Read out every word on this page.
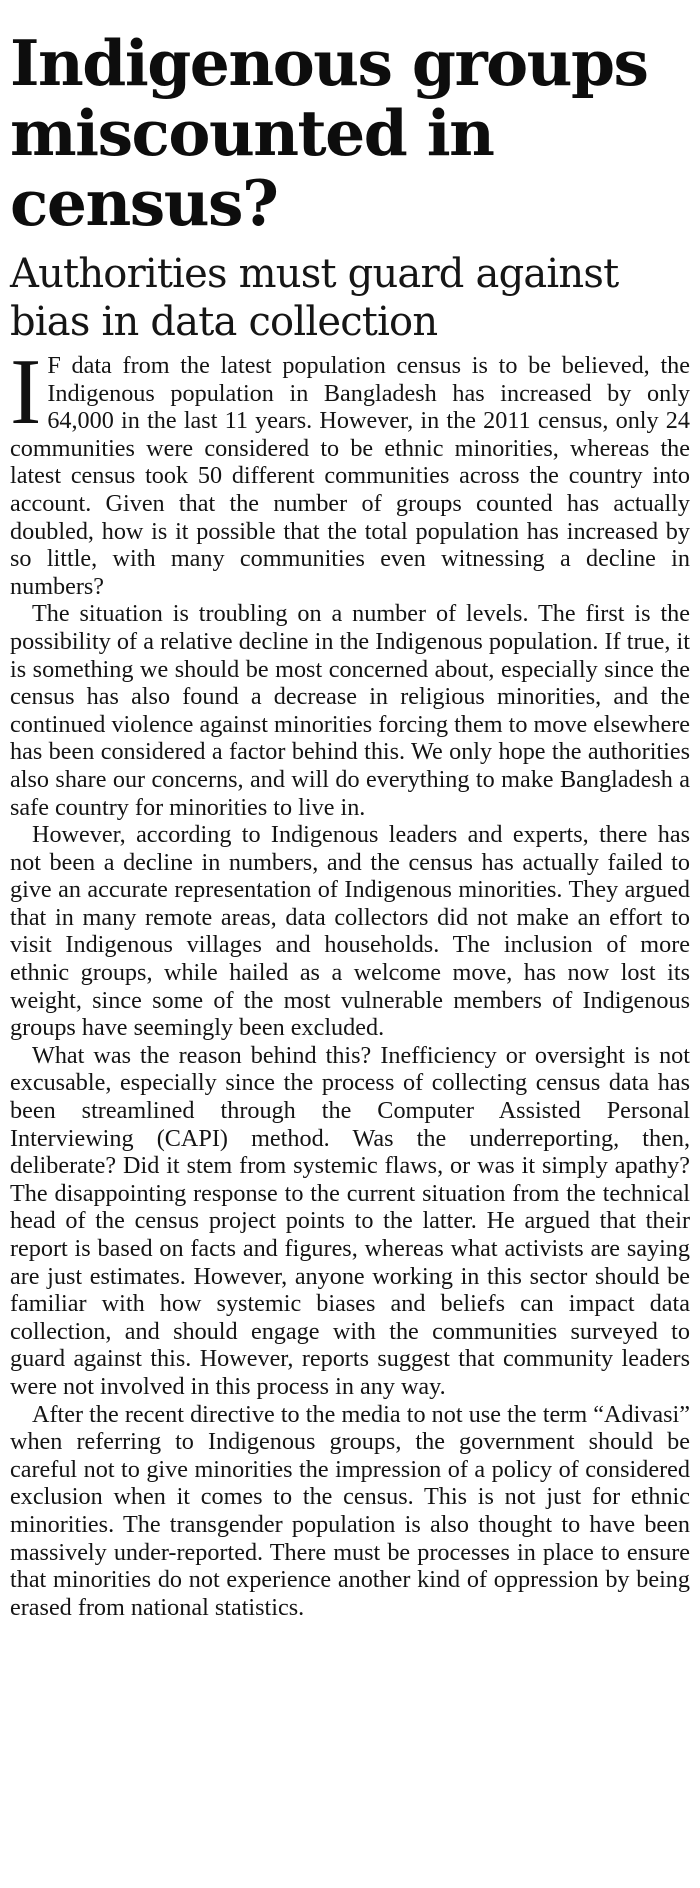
Indigenous groups miscounted in census?
Authorities must guard against bias in data collection

I F data from the latest population census is to be believed, the Indigenous population in Bangladesh has increased by only 64,000 in the last 11 years. However, in the 2011 census, only 24 communities were considered to be ethnic minorities, whereas the latest census took 50 different communities across the country into account. Given that the number of groups counted has actually doubled, how is it possible that the total population has increased by so little, with many communities even witnessing a decline in numbers?

The situation is troubling on a number of levels. The first is the possibility of a relative decline in the Indigenous population. If true, it is something we should be most concerned about, especially since the census has also found a decrease in religious minorities, and the continued violence against minorities forcing them to move elsewhere has been considered a factor behind this. We only hope the authorities also share our concerns, and will do everything to make Bangladesh a safe country for minorities to live in.

However, according to Indigenous leaders and experts, there has not been a decline in numbers, and the census has actually failed to give an accurate representation of Indigenous minorities. They argued that in many remote areas, data collectors did not make an effort to visit Indigenous villages and households. The inclusion of more ethnic groups, while hailed as a welcome move, has now lost its weight, since some of the most vulnerable members of Indigenous groups have seemingly been excluded.

What was the reason behind this? Inefficiency or oversight is not excusable, especially since the process of collecting census data has been streamlined through the Computer Assisted Personal Interviewing (CAPI) method. Was the underreporting, then, deliberate? Did it stem from systemic flaws, or was it simply apathy? The disappointing response to the current situation from the technical head of the census project points to the latter. He argued that their report is based on facts and figures, whereas what activists are saying are just estimates. However, anyone working in this sector should be familiar with how systemic biases and beliefs can impact data collection, and should engage with the communities surveyed to guard against this. However, reports suggest that community leaders were not involved in this process in any way.

After the recent directive to the media to not use the term “Adivasi” when referring to Indigenous groups, the government should be careful not to give minorities the impression of a policy of considered exclusion when it comes to the census. This is not just for ethnic minorities. The transgender population is also thought to have been massively under-reported. There must be processes in place to ensure that minorities do not experience another kind of oppression by being erased from national statistics.
